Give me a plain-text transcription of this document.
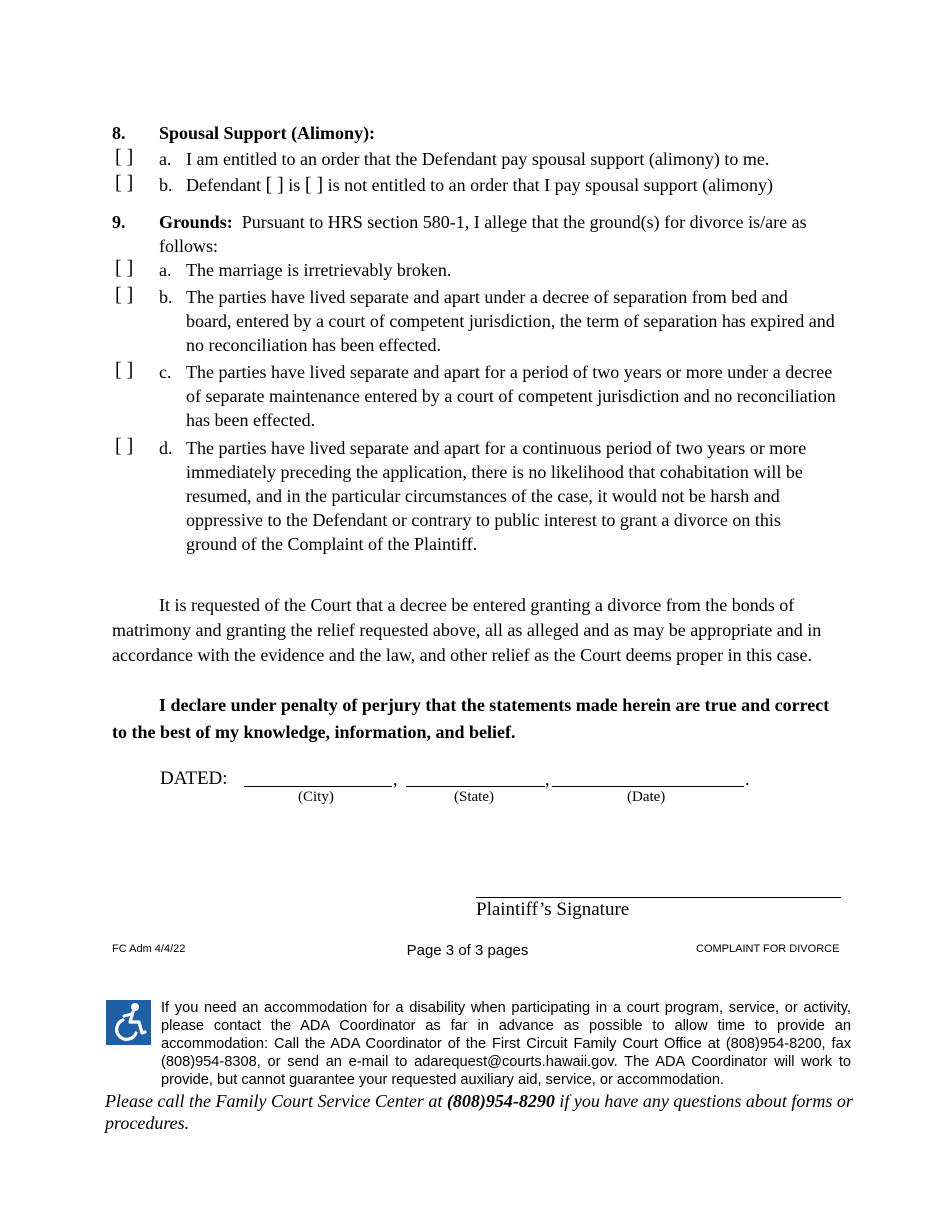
8. Spousal Support (Alimony):
[ ] a. I am entitled to an order that the Defendant pay spousal support (alimony) to me.
[ ] b. Defendant [ ] is [ ] is not entitled to an order that I pay spousal support (alimony)
9. Grounds: Pursuant to HRS section 580-1, I allege that the ground(s) for divorce is/are as follows:
[ ] a. The marriage is irretrievably broken.
[ ] b. The parties have lived separate and apart under a decree of separation from bed and board, entered by a court of competent jurisdiction, the term of separation has expired and no reconciliation has been effected.
[ ] c. The parties have lived separate and apart for a period of two years or more under a decree of separate maintenance entered by a court of competent jurisdiction and no reconciliation has been effected.
[ ] d. The parties have lived separate and apart for a continuous period of two years or more immediately preceding the application, there is no likelihood that cohabitation will be resumed, and in the particular circumstances of the case, it would not be harsh and oppressive to the Defendant or contrary to public interest to grant a divorce on this ground of the Complaint of the Plaintiff.
It is requested of the Court that a decree be entered granting a divorce from the bonds of matrimony and granting the relief requested above, all as alleged and as may be appropriate and in accordance with the evidence and the law, and other relief as the Court deems proper in this case.
I declare under penalty of perjury that the statements made herein are true and correct to the best of my knowledge, information, and belief.
DATED:	,	,	.
(City)	(State)	(Date)
Plaintiff’s Signature
FC Adm 4/4/22	Page 3 of 3 pages	COMPLAINT FOR DIVORCE
If you need an accommodation for a disability when participating in a court program, service, or activity, please contact the ADA Coordinator as far in advance as possible to allow time to provide an accommodation: Call the ADA Coordinator of the First Circuit Family Court Office at (808)954-8200, fax (808)954-8308, or send an e-mail to adarequest@courts.hawaii.gov. The ADA Coordinator will work to provide, but cannot guarantee your requested auxiliary aid, service, or accommodation.
Please call the Family Court Service Center at (808)954-8290 if you have any questions about forms or procedures.
